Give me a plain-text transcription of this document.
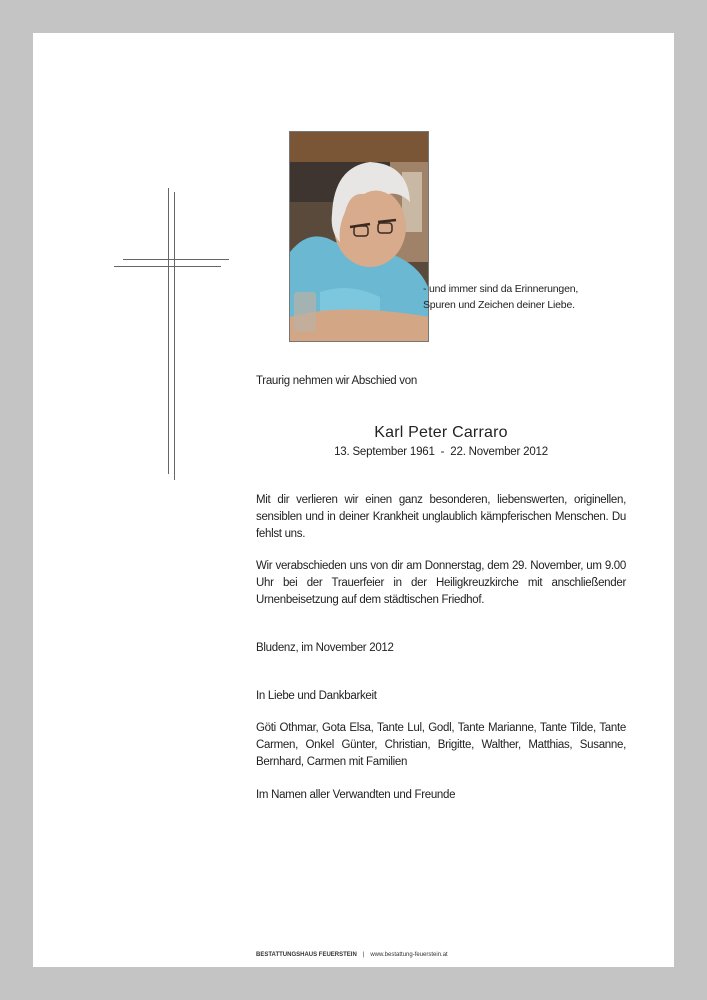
- und immer sind da Erinnerungen,
Spuren und Zeichen deiner Liebe.
Traurig nehmen wir Abschied von
Karl Peter Carraro
13. September 1961  -  22. November 2012

Mit dir verlieren wir einen ganz besonderen, liebenswerten, originellen, sensiblen und in deiner Krankheit unglaublich kämpferischen Menschen. Du fehlst uns.

Wir verabschieden uns von dir am Donnerstag, dem 29. November, um 9.00 Uhr bei der Trauerfeier in der Heiligkreuzkirche mit anschließender Urnenbeisetzung auf dem städtischen Friedhof.

Bludenz, im November 2012

In Liebe und Dankbarkeit

Göti Othmar, Gota Elsa, Tante Lul, Godl, Tante Marianne, Tante Tilde, Tante Carmen, Onkel Günter, Christian, Brigitte, Walther, Matthias, Susanne, Bernhard, Carmen mit Familien

Im Namen aller Verwandten und Freunde

BESTATTUNGSHAUS FEUERSTEIN | www.bestattung-feuerstein.at
